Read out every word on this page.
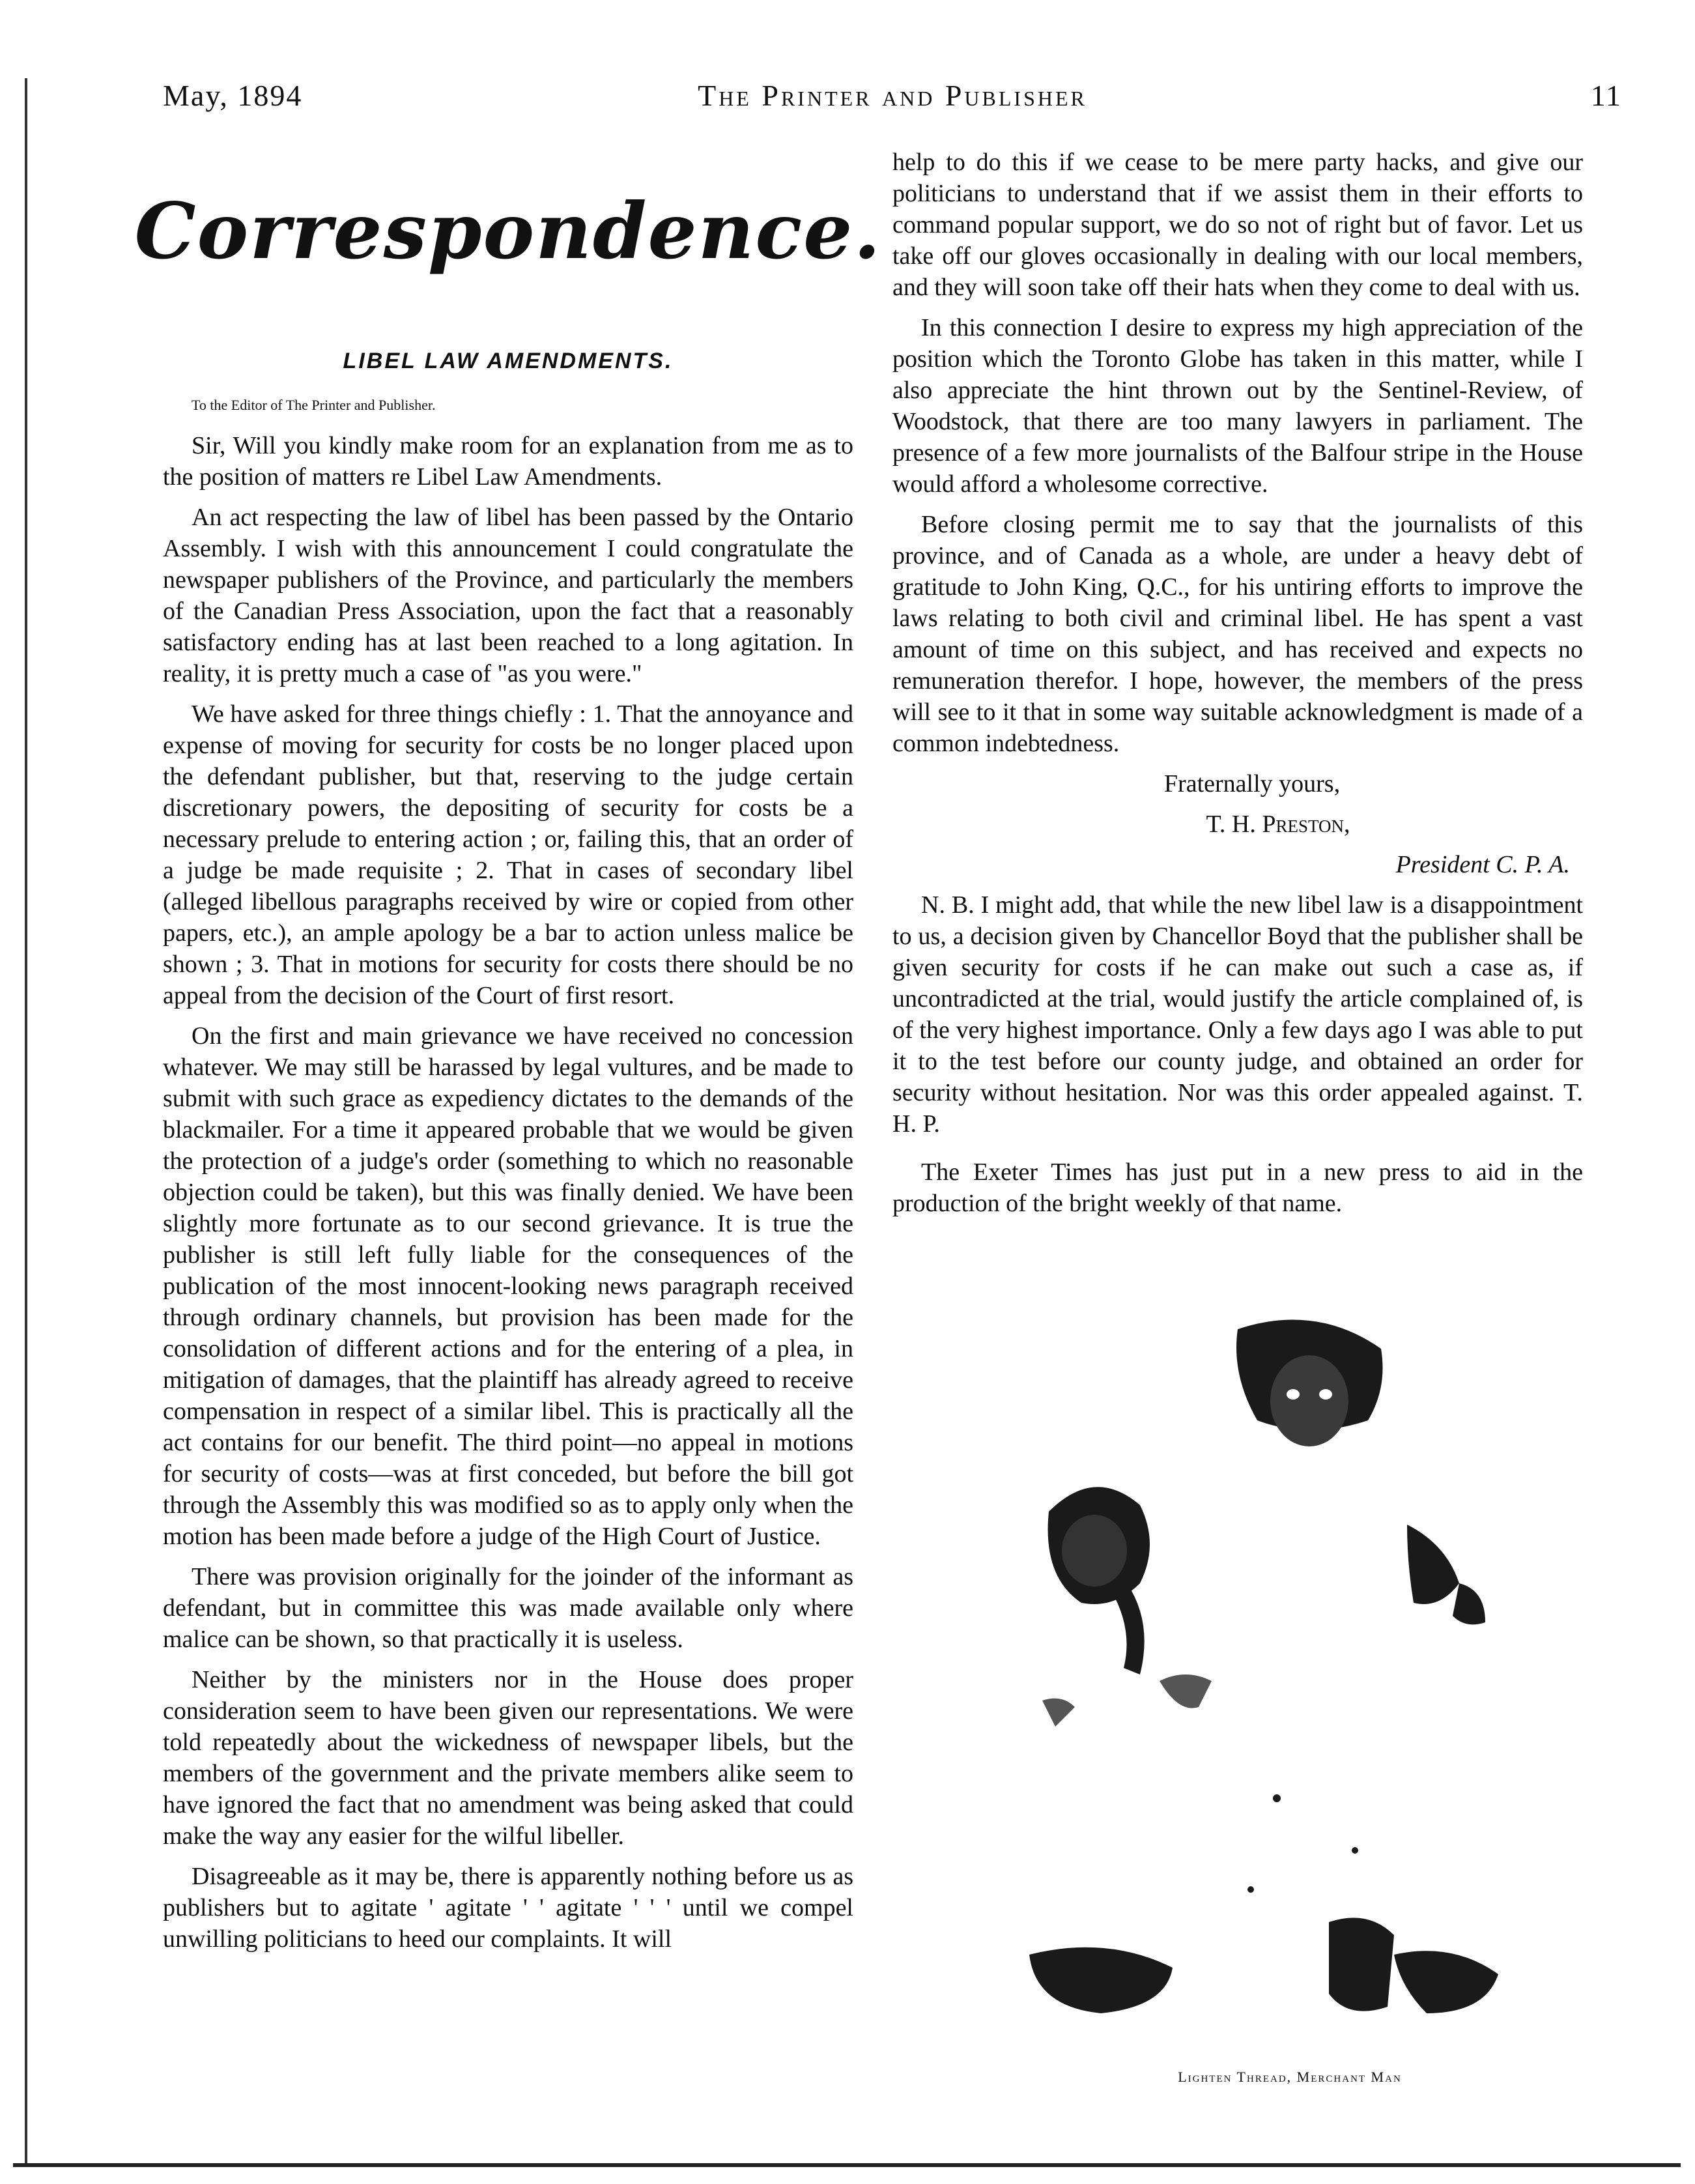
May, 1894	The Printer and Publisher	11
Correspondence.
LIBEL LAW AMENDMENTS.

To the Editor of The Printer and Publisher.

Sir, Will you kindly make room for an explanation from me as to the position of matters re Libel Law Amendments.

An act respecting the law of libel has been passed by the Ontario Assembly. I wish with this announcement I could congratulate the newspaper publishers of the Province, and particularly the members of the Canadian Press Association, upon the fact that a reasonably satisfactory ending has at last been reached to a long agitation. In reality, it is pretty much a case of "as you were."

We have asked for three things chiefly : 1. That the annoyance and expense of moving for security for costs be no longer placed upon the defendant publisher, but that, reserving to the judge certain discretionary powers, the depositing of security for costs be a necessary prelude to entering action ; or, failing this, that an order of a judge be made requisite ; 2. That in cases of secondary libel (alleged libellous paragraphs received by wire or copied from other papers, etc.), an ample apology be a bar to action unless malice be shown ; 3. That in motions for security for costs there should be no appeal from the decision of the Court of first resort.

On the first and main grievance we have received no concession whatever. We may still be harassed by legal vultures, and be made to submit with such grace as expediency dictates to the demands of the blackmailer. For a time it appeared probable that we would be given the protection of a judge's order (something to which no reasonable objection could be taken), but this was finally denied. We have been slightly more fortunate as to our second grievance. It is true the publisher is still left fully liable for the consequences of the publication of the most innocent-looking news paragraph received through ordinary channels, but provision has been made for the consolidation of different actions and for the entering of a plea, in mitigation of damages, that the plaintiff has already agreed to receive compensation in respect of a similar libel. This is practically all the act contains for our benefit. The third point—no appeal in motions for security of costs—was at first conceded, but before the bill got through the Assembly this was modified so as to apply only when the motion has been made before a judge of the High Court of Justice.

There was provision originally for the joinder of the informant as defendant, but in committee this was made available only where malice can be shown, so that practically it is useless.

Neither by the ministers nor in the House does proper consideration seem to have been given our representations. We were told repeatedly about the wickedness of newspaper libels, but the members of the government and the private members alike seem to have ignored the fact that no amendment was being asked that could make the way any easier for the wilful libeller.

Disagreeable as it may be, there is apparently nothing before us as publishers but to agitate ' agitate ' ' agitate ' ' ' until we compel unwilling politicians to heed our complaints. It will

help to do this if we cease to be mere party hacks, and give our politicians to understand that if we assist them in their efforts to command popular support, we do so not of right but of favor. Let us take off our gloves occasionally in dealing with our local members, and they will soon take off their hats when they come to deal with us.

In this connection I desire to express my high appreciation of the position which the Toronto Globe has taken in this matter, while I also appreciate the hint thrown out by the Sentinel-Review, of Woodstock, that there are too many lawyers in parliament. The presence of a few more journalists of the Balfour stripe in the House would afford a wholesome corrective.

Before closing permit me to say that the journalists of this province, and of Canada as a whole, are under a heavy debt of gratitude to John King, Q.C., for his untiring efforts to improve the laws relating to both civil and criminal libel. He has spent a vast amount of time on this subject, and has received and expects no remuneration therefor. I hope, however, the members of the press will see to it that in some way suitable acknowledgment is made of a common indebtedness.

Fraternally yours,

T. H. Preston,

President C. P. A.

N. B. I might add, that while the new libel law is a disappointment to us, a decision given by Chancellor Boyd that the publisher shall be given security for costs if he can make out such a case as, if uncontradicted at the trial, would justify the article complained of, is of the very highest importance. Only a few days ago I was able to put it to the test before our county judge, and obtained an order for security without hesitation. Nor was this order appealed against. T. H. P.

The Exeter Times has just put in a new press to aid in the production of the bright weekly of that name.

Lighten Thread, Merchant Man
